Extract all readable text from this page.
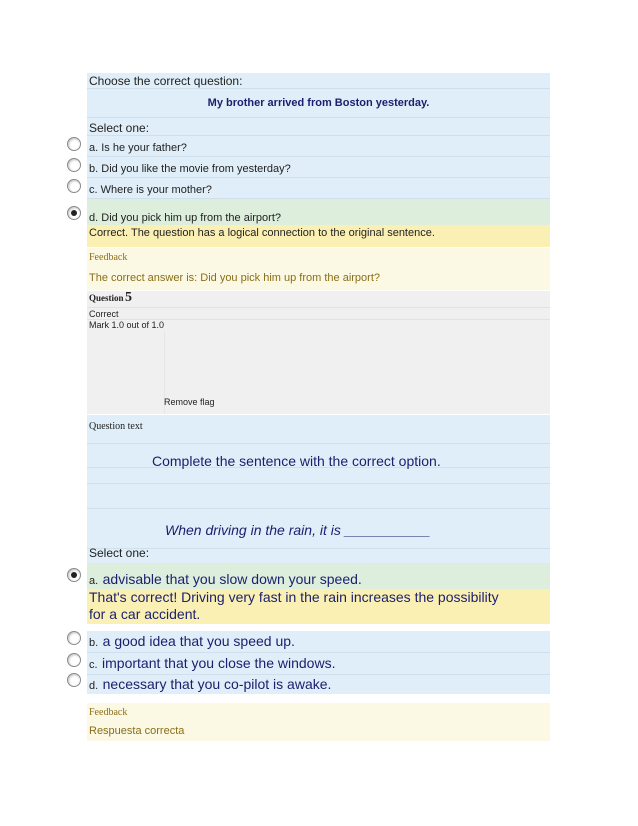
Choose the correct question:
My brother arrived from Boston yesterday.
Select one:
a. Is he your father?
b. Did you like the movie from yesterday?
c. Where is your mother?
d. Did you pick him up from the airport?
Correct. The question has a logical connection to the original sentence.
Feedback
The correct answer is: Did you pick him up from the airport?
Question 5
Correct
Mark 1.0 out of 1.0
Remove flag
Question text
Complete the sentence with the correct option.
When driving in the rain, it is ___________
Select one:
a. advisable that you slow down your speed.
That's correct! Driving very fast in the rain increases the possibility for a car accident.
b. a good idea that you speed up.
c. important that you close the windows.
d. necessary that you co-pilot is awake.
Feedback
Respuesta correcta
